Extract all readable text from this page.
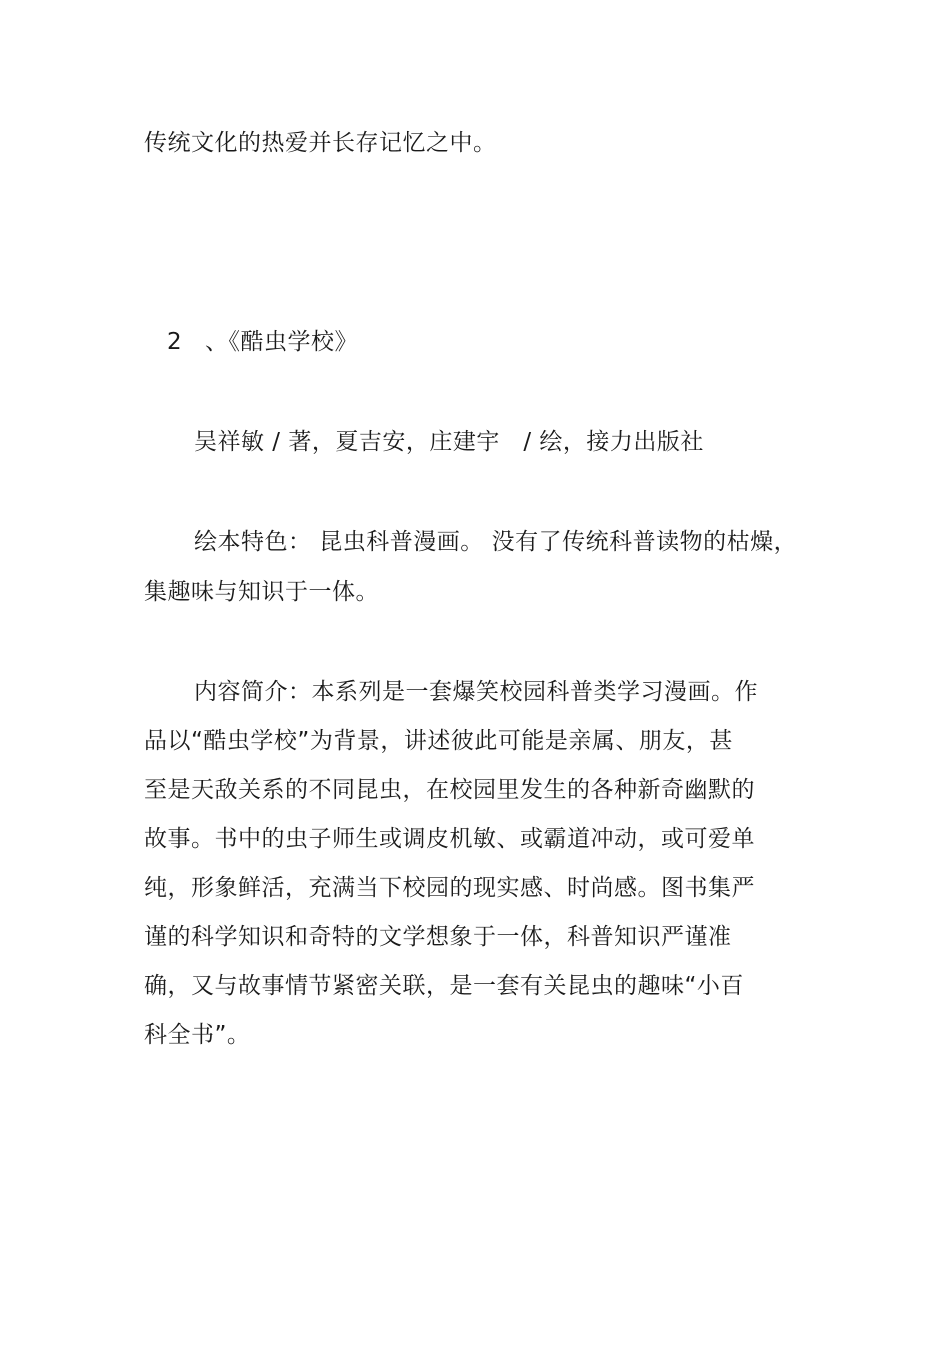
传统文化的热爱并长存记忆之中。
2 、《酷虫学校》
吴祥敏 / 著，夏吉安，庄建宇　/ 绘，接力出版社
绘本特色： 昆虫科普漫画。 没有了传统科普读物的枯燥，
集趣味与知识于一体。
内容简介：本系列是一套爆笑校园科普类学习漫画。作
品以“酷虫学校”为背景，讲述彼此可能是亲属、朋友，甚
至是天敌关系的不同昆虫，在校园里发生的各种新奇幽默的
故事。书中的虫子师生或调皮机敏、或霸道冲动，或可爱单
纯，形象鲜活，充满当下校园的现实感、时尚感。图书集严
谨的科学知识和奇特的文学想象于一体，科普知识严谨准
确，又与故事情节紧密关联，是一套有关昆虫的趣味“小百
科全书”。
